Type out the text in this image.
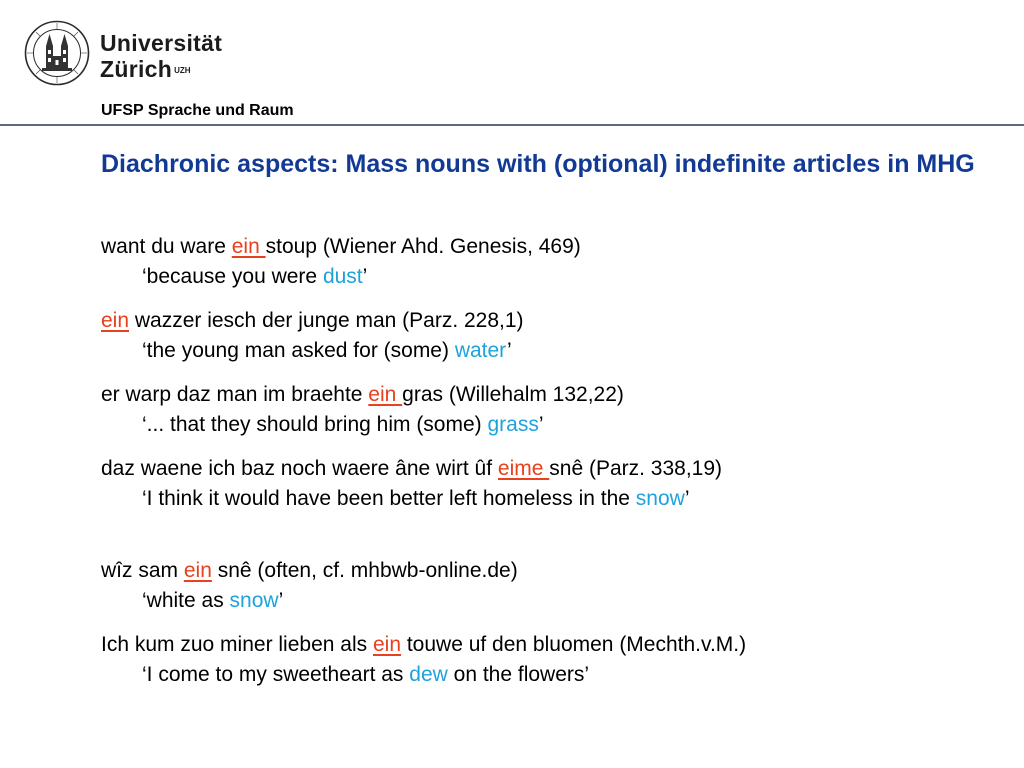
Universität
Zürich $^{UZH}$
UFSP Sprache und Raum
Diachronic aspects: Mass nouns with (optional) indefinite articles in MHG
want du ware ein stoup (Wiener Ahd. Genesis, 469)
‘because you were dust’
ein wazzer iesch der junge man (Parz. 228,1)
‘the young man asked for (some) water’
er warp daz man im braehte ein gras (Willehalm 132,22)
‘... that they should bring him (some) grass’
daz waene ich baz noch waere âne wirt ûf eime snê (Parz. 338,19)
‘I think it would have been better left homeless in the snow’
wîz sam ein snê (often, cf. mhbwb-online.de)
‘white as snow’
Ich kum zuo miner lieben als ein touwe uf den bluomen (Mechth.v.M.)
‘I come to my sweetheart as dew on the flowers’
